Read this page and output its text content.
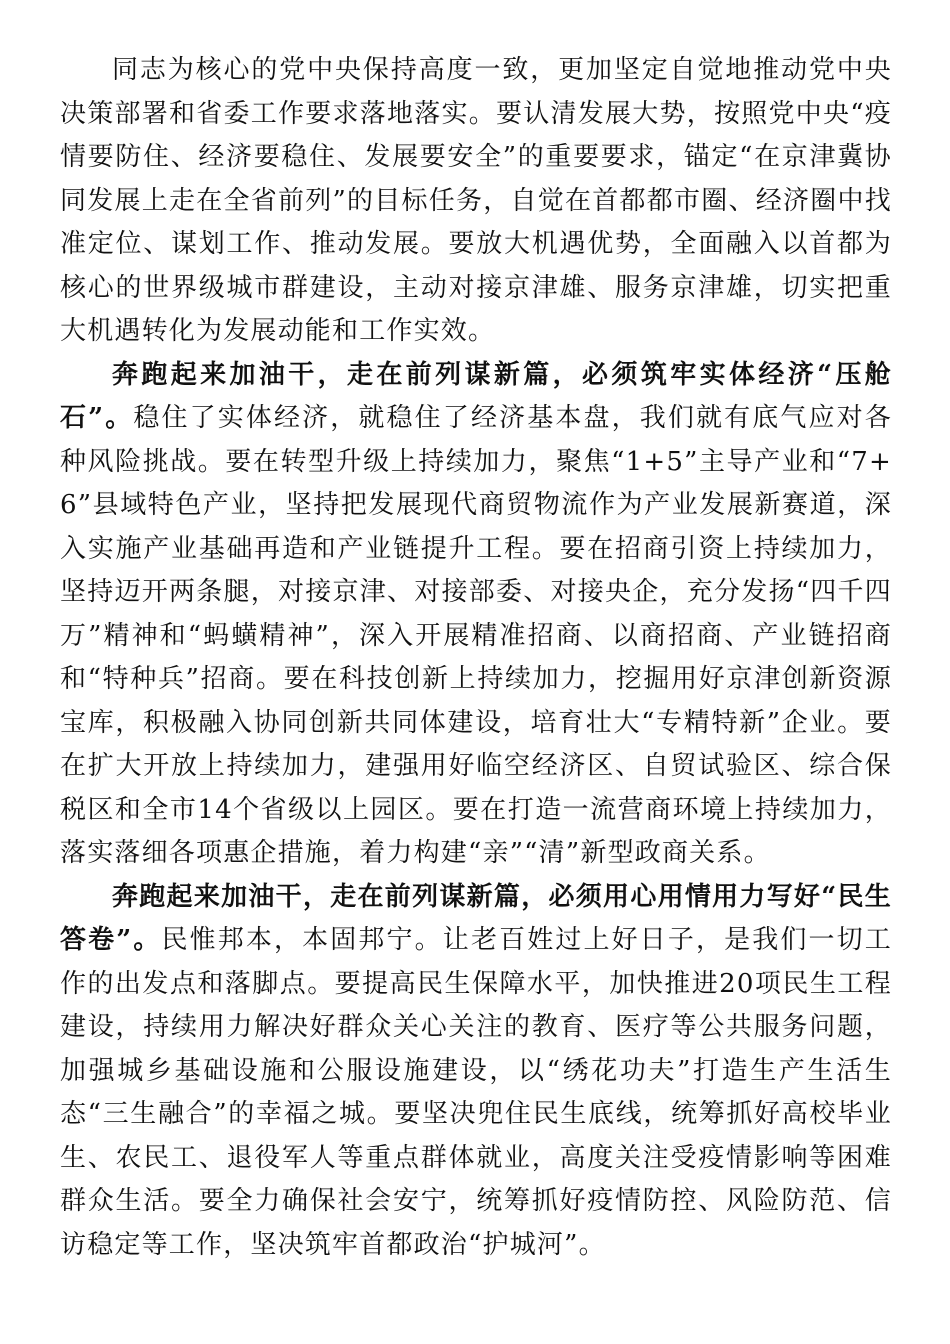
同志为核心的党中央保持高度一致，更加坚定自觉地推动党中央决策部署和省委工作要求落地落实。要认清发展大势，按照党中央“疫情要防住、经济要稳住、发展要安全”的重要要求，锚定“在京津冀协同发展上走在全省前列”的目标任务，自觉在首都都市圈、经济圈中找准定位、谋划工作、推动发展。要放大机遇优势，全面融入以首都为核心的世界级城市群建设，主动对接京津雄、服务京津雄，切实把重大机遇转化为发展动能和工作实效。

奔跑起来加油干，走在前列谋新篇，必须筑牢实体经济“压舱石”。稳住了实体经济，就稳住了经济基本盘，我们就有底气应对各种风险挑战。要在转型升级上持续加力，聚焦“1+5”主导产业和“7+6”县域特色产业，坚持把发展现代商贸物流作为产业发展新赛道，深入实施产业基础再造和产业链提升工程。要在招商引资上持续加力，坚持迈开两条腿，对接京津、对接部委、对接央企，充分发扬“四千四万”精神和“蚂蟥精神”，深入开展精准招商、以商招商、产业链招商和“特种兵”招商。要在科技创新上持续加力，挖掘用好京津创新资源宝库，积极融入协同创新共同体建设，培育壮大“专精特新”企业。要在扩大开放上持续加力，建强用好临空经济区、自贸试验区、综合保税区和全市14个省级以上园区。要在打造一流营商环境上持续加力，落实落细各项惠企措施，着力构建“亲”“清”新型政商关系。

奔跑起来加油干，走在前列谋新篇，必须用心用情用力写好“民生答卷”。民惟邦本，本固邦宁。让老百姓过上好日子，是我们一切工作的出发点和落脚点。要提高民生保障水平，加快推进20项民生工程建设，持续用力解决好群众关心关注的教育、医疗等公共服务问题，加强城乡基础设施和公服设施建设，以“绣花功夫”打造生产生活生态“三生融合”的幸福之城。要坚决兜住民生底线，统筹抓好高校毕业生、农民工、退役军人等重点群体就业，高度关注受疫情影响等困难群众生活。要全力确保社会安宁，统筹抓好疫情防控、风险防范、信访稳定等工作，坚决筑牢首都政治“护城河”。
